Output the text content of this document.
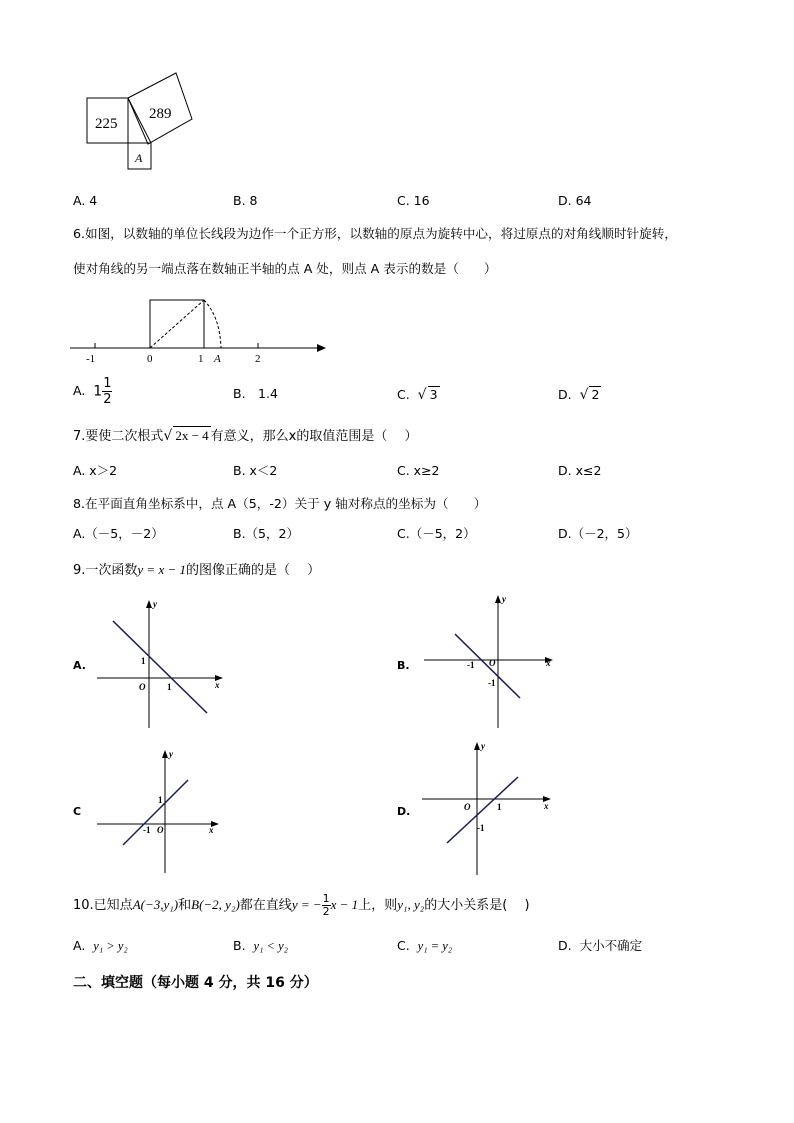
225
289
A
A. 4	B. 8	C. 16	D. 64
6.如图，以数轴的单位长线段为边作一个正方形，以数轴的原点为旋转中心，将过原点的对角线顺时针旋转，
使对角线的另一端点落在数轴正半轴的点 A 处，则点 A 表示的数是（　　）
-1	0	1 A	2
A. $1 \frac{1}{2}$	B.　1.4	C. √ 3	D. √ 2
7.要使二次根式√ 2x − 4 有意义，那么x的取值范围是（　 ）
A. x＞2	B. x＜2	C. x≥2	D. x≤2
8.在平面直角坐标系中，点 A（5，-2）关于 y 轴对称点的坐标为（　　）
A.（－5，－2）	B.（5，2）	C.（－5，2）	D.（－2，5）
9.一次函数y = x − 1的图像正确的是（　 ）
A.
y
x
O
1
1
B.
y
x
O
-1
-1
C
y
x
O
1
-1
D.
y
x
O	1
-1
10.已知点A(−3,y₁)和B(−2, y₂)都在直线y = − $\frac{1}{2}$ x − 1上，则y₁, y₂的大小关系是(　 )
A. y₁ > y₂	B. y₁ < y₂	C. y₁ = y₂	D. 大小不确定
二、填空题（每小题 4 分，共 16 分）
